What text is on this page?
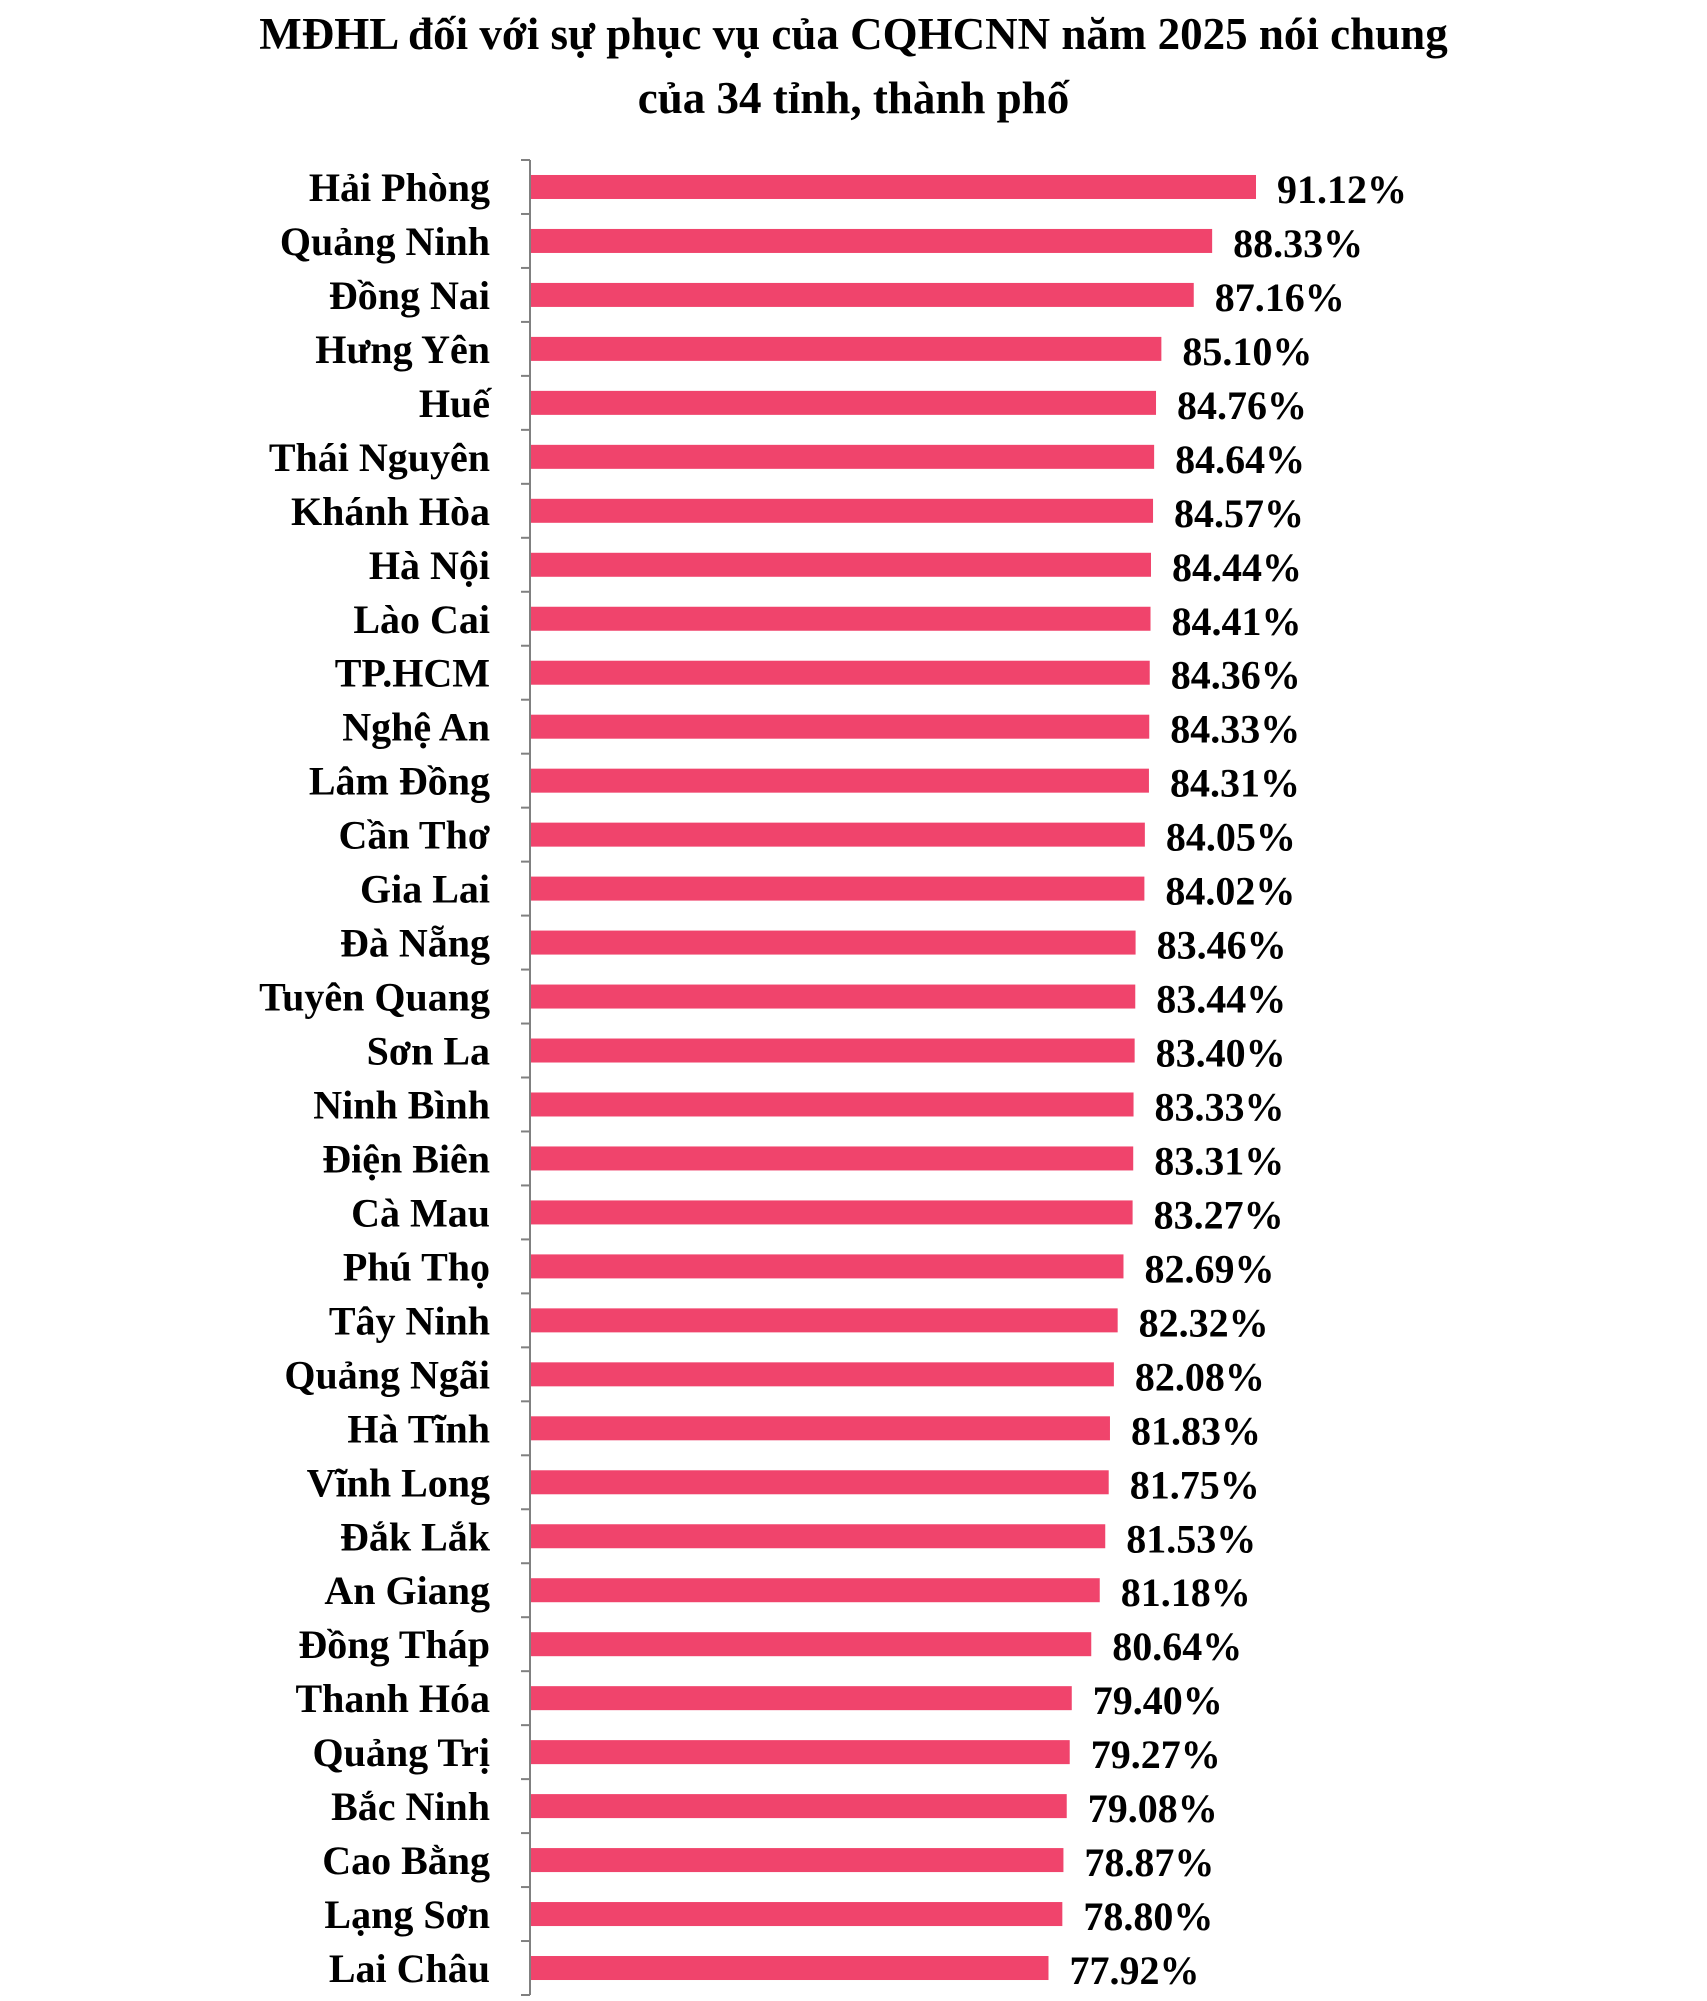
MĐHL đối với sự phục vụ của CQHCNN năm 2025 nói chung
của 34 tỉnh, thành phố
Hải Phòng	91.12%
Quảng Ninh	88.33%
Đồng Nai	87.16%
Hưng Yên	85.10%
Huế	84.76%
Thái Nguyên	84.64%
Khánh Hòa	84.57%
Hà Nội	84.44%
Lào Cai	84.41%
TP.HCM	84.36%
Nghệ An	84.33%
Lâm Đồng	84.31%
Cần Thơ	84.05%
Gia Lai	84.02%
Đà Nẵng	83.46%
Tuyên Quang	83.44%
Sơn La	83.40%
Ninh Bình	83.33%
Điện Biên	83.31%
Cà Mau	83.27%
Phú Thọ	82.69%
Tây Ninh	82.32%
Quảng Ngãi	82.08%
Hà Tĩnh	81.83%
Vĩnh Long	81.75%
Đắk Lắk	81.53%
An Giang	81.18%
Đồng Tháp	80.64%
Thanh Hóa	79.40%
Quảng Trị	79.27%
Bắc Ninh	79.08%
Cao Bằng	78.87%
Lạng Sơn	78.80%
Lai Châu	77.92%
